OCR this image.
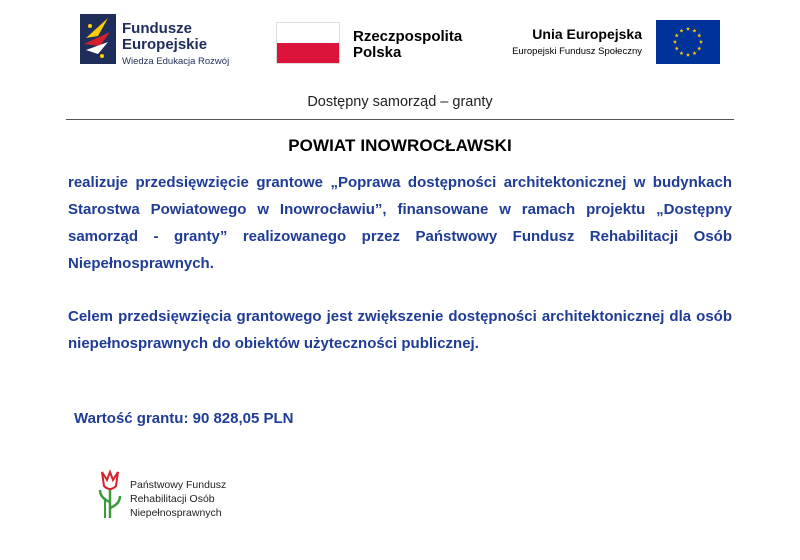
Fundusze
Europejskie
Wiedza Edukacja Rozwój
Rzeczpospolita
Polska
Unia Europejska
Europejski Fundusz Społeczny
Dostępny samorząd – granty
POWIAT INOWROCŁAWSKI

realizuje przedsięwzięcie grantowe „Poprawa dostępności architektonicznej w budynkach Starostwa Powiatowego w Inowrocławiu”, finansowane w ramach projektu „Dostępny samorząd - granty” realizowanego przez Państwowy Fundusz Rehabilitacji Osób Niepełnosprawnych.

Celem przedsięwzięcia grantowego jest zwiększenie dostępności architektonicznej dla osób niepełnosprawnych do obiektów użyteczności publicznej.

Wartość grantu: 90 828,05 PLN
Państwowy Fundusz
Rehabilitacji Osób
Niepełnosprawnych
